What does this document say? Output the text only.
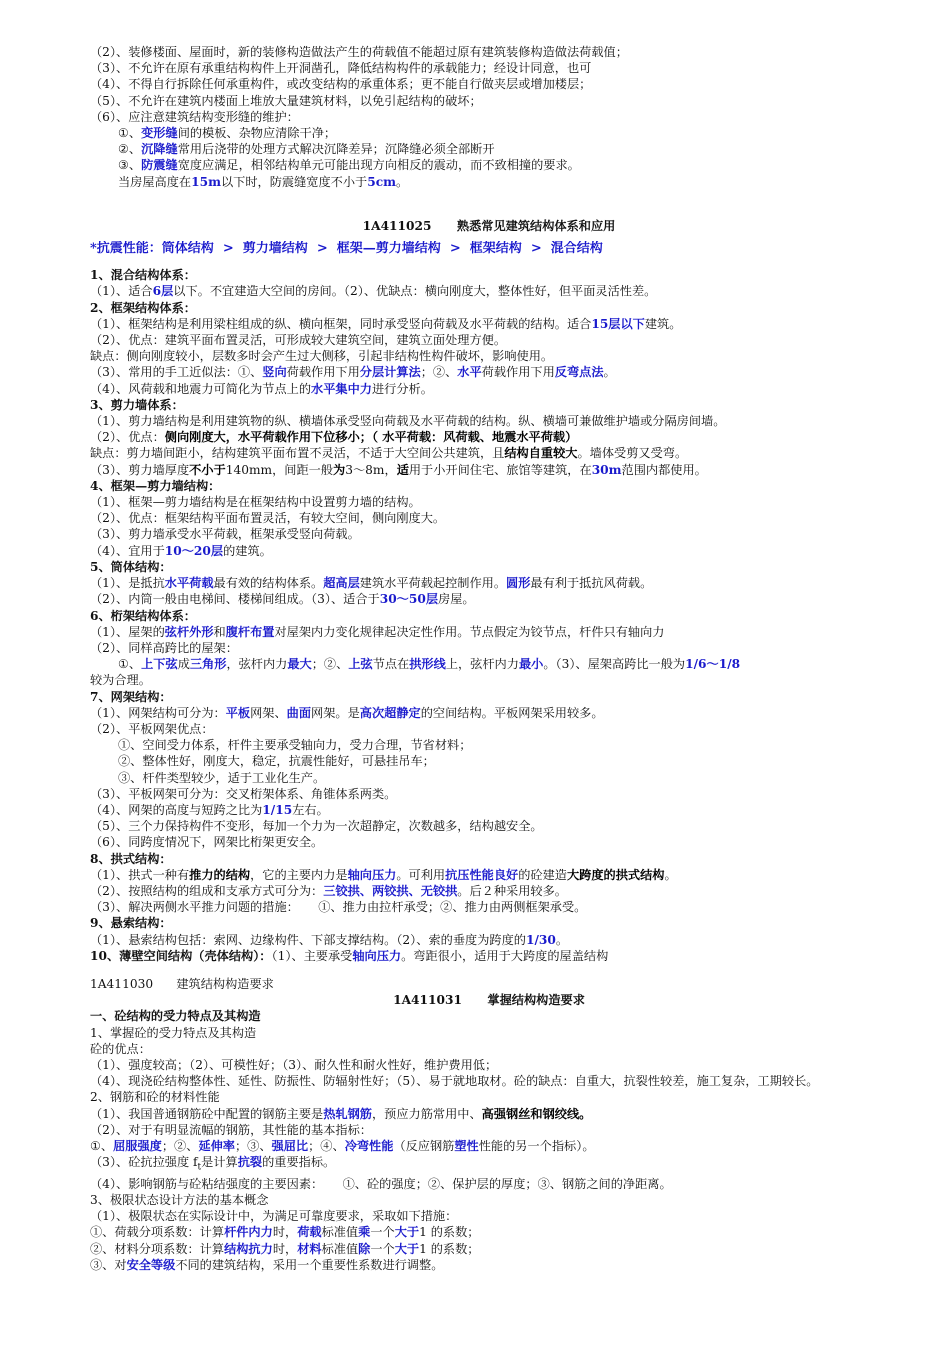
（2）、装修楼面、屋面时，新的装修构造做法产生的荷载值不能超过原有建筑装修构造做法荷载值；
（3）、不允许在原有承重结构构件上开洞凿孔，降低结构构件的承载能力；经设计同意，也可
（4）、不得自行拆除任何承重构件，或改变结构的承重体系；更不能自行做夹层或增加楼层；
（5）、不允许在建筑内楼面上堆放大量建筑材料，以免引起结构的破坏；
（6）、应注意建筑结构变形缝的维护：
①、变形缝间的模板、杂物应清除干净；
②、沉降缝常用后浇带的处理方式解决沉降差异；沉降缝必须全部断开
③、防震缝宽度应满足，相邻结构单元可能出现方向相反的震动，而不致相撞的要求。
当房屋高度在15m以下时，防震缝宽度不小于5cm。
1A411025      熟悉常见建筑结构体系和应用
*抗震性能：筒体结构  >  剪力墙结构  >  框架—剪力墙结构  >  框架结构  >  混合结构
1、混合结构体系：
（1）、适合6层以下。不宜建造大空间的房间。（2）、优缺点：横向刚度大，整体性好，但平面灵活性差。
2、框架结构体系：
（1）、框架结构是利用梁柱组成的纵、横向框架，同时承受竖向荷载及水平荷载的结构。适合15层以下建筑。
（2）、优点：建筑平面布置灵活，可形成较大建筑空间，建筑立面处理方便。
缺点：侧向刚度较小，层数多时会产生过大侧移，引起非结构性构件破坏，影响使用。
（3）、常用的手工近似法：①、竖向荷载作用下用分层计算法；②、水平荷载作用下用反弯点法。
（4）、风荷载和地震力可简化为节点上的水平集中力进行分析。
3、剪力墙体系：
（1）、剪力墙结构是利用建筑物的纵、横墙体承受竖向荷载及水平荷载的结构。纵、横墙可兼做维护墙或分隔房间墙。
（2）、优点：侧向刚度大，水平荷载作用下位移小；（ 水平荷载：风荷载、地震水平荷载）
缺点：剪力墙间距小，结构建筑平面布置不灵活，不适于大空间公共建筑，且结构自重较大。墙体受剪又受弯。
（3）、剪力墙厚度不小于140mm，间距一般为3～8m，适用于小开间住宅、旅馆等建筑，在30m范围内都使用。
4、框架—剪力墙结构：
（1）、框架—剪力墙结构是在框架结构中设置剪力墙的结构。
（2）、优点：框架结构平面布置灵活，有较大空间，侧向刚度大。
（3）、剪力墙承受水平荷载，框架承受竖向荷载。
（4）、宜用于10～20层的建筑。
5、筒体结构：
（1）、是抵抗水平荷载最有效的结构体系。超高层建筑水平荷载起控制作用。圆形最有利于抵抗风荷载。
（2）、内筒一般由电梯间、楼梯间组成。（3）、适合于30～50层房屋。
6、桁架结构体系：
（1）、屋架的弦杆外形和腹杆布置对屋架内力变化规律起决定性作用。节点假定为铰节点，杆件只有轴向力
（2）、同样高跨比的屋架：
①、上下弦成三角形，弦杆内力最大；②、上弦节点在拱形线上，弦杆内力最小。（3）、屋架高跨比一般为1/6～1/8
较为合理。
7、网架结构：
（1）、网架结构可分为：平板网架、曲面网架。是高次超静定的空间结构。平板网架采用较多。
（2）、平板网架优点：
①、空间受力体系，杆件主要承受轴向力，受力合理，节省材料；
②、整体性好，刚度大，稳定，抗震性能好，可悬挂吊车；
③、杆件类型较少，适于工业化生产。
（3）、平板网架可分为：交叉桁架体系、角锥体系两类。
（4）、网架的高度与短跨之比为1/15左右。
（5）、三个力保持构件不变形，每加一个力为一次超静定，次数越多，结构越安全。
（6）、同跨度情况下，网架比桁架更安全。
8、拱式结构：
（1）、拱式一种有推力的结构，它的主要内力是轴向压力。可利用抗压性能良好的砼建造大跨度的拱式结构。
（2）、按照结构的组成和支承方式可分为：三铰拱、两铰拱、无铰拱。后２种采用较多。
（3）、解决两侧水平推力问题的措施：     ①、推力由拉杆承受；②、推力由两侧框架承受。
9、悬索结构：
（1）、悬索结构包括：索网、边缘构件、下部支撑结构。（2）、索的垂度为跨度的1/30。
10、薄壁空间结构（壳体结构）：（1）、主要承受轴向压力。弯距很小，适用于大跨度的屋盖结构
1A411030      建筑结构构造要求
1A411031      掌握结构构造要求
一、砼结构的受力特点及其构造
1、掌握砼的受力特点及其构造
砼的优点：
（1）、强度较高；（2）、可模性好；（3）、耐久性和耐火性好，维护费用低；
（4）、现浇砼结构整体性、延性、防振性、防辐射性好；（5）、易于就地取材。砼的缺点：自重大，抗裂性较差，施工复杂，工期较长。
2、钢筋和砼的材料性能
（1）、我国普通钢筋砼中配置的钢筋主要是热轧钢筋，预应力筋常用中、高强钢丝和钢绞线。
（2）、对于有明显流幅的钢筋，其性能的基本指标：
①、屈服强度；②、延伸率；③、强屈比；④、冷弯性能（反应钢筋塑性性能的另一个指标）。
（3）、砼抗拉强度 $f_t$是计算抗裂的重要指标。
（4）、影响钢筋与砼粘结强度的主要因素：     ①、砼的强度；②、保护层的厚度；③、钢筋之间的净距离。
3、极限状态设计方法的基本概念
（1）、极限状态在实际设计中，为满足可靠度要求，采取如下措施：
①、荷载分项系数：计算杆件内力时，荷载标准值乘一个大于1 的系数；
②、材料分项系数：计算结构抗力时，材料标准值除一个大于1 的系数；
③、对安全等级不同的建筑结构，采用一个重要性系数进行调整。
